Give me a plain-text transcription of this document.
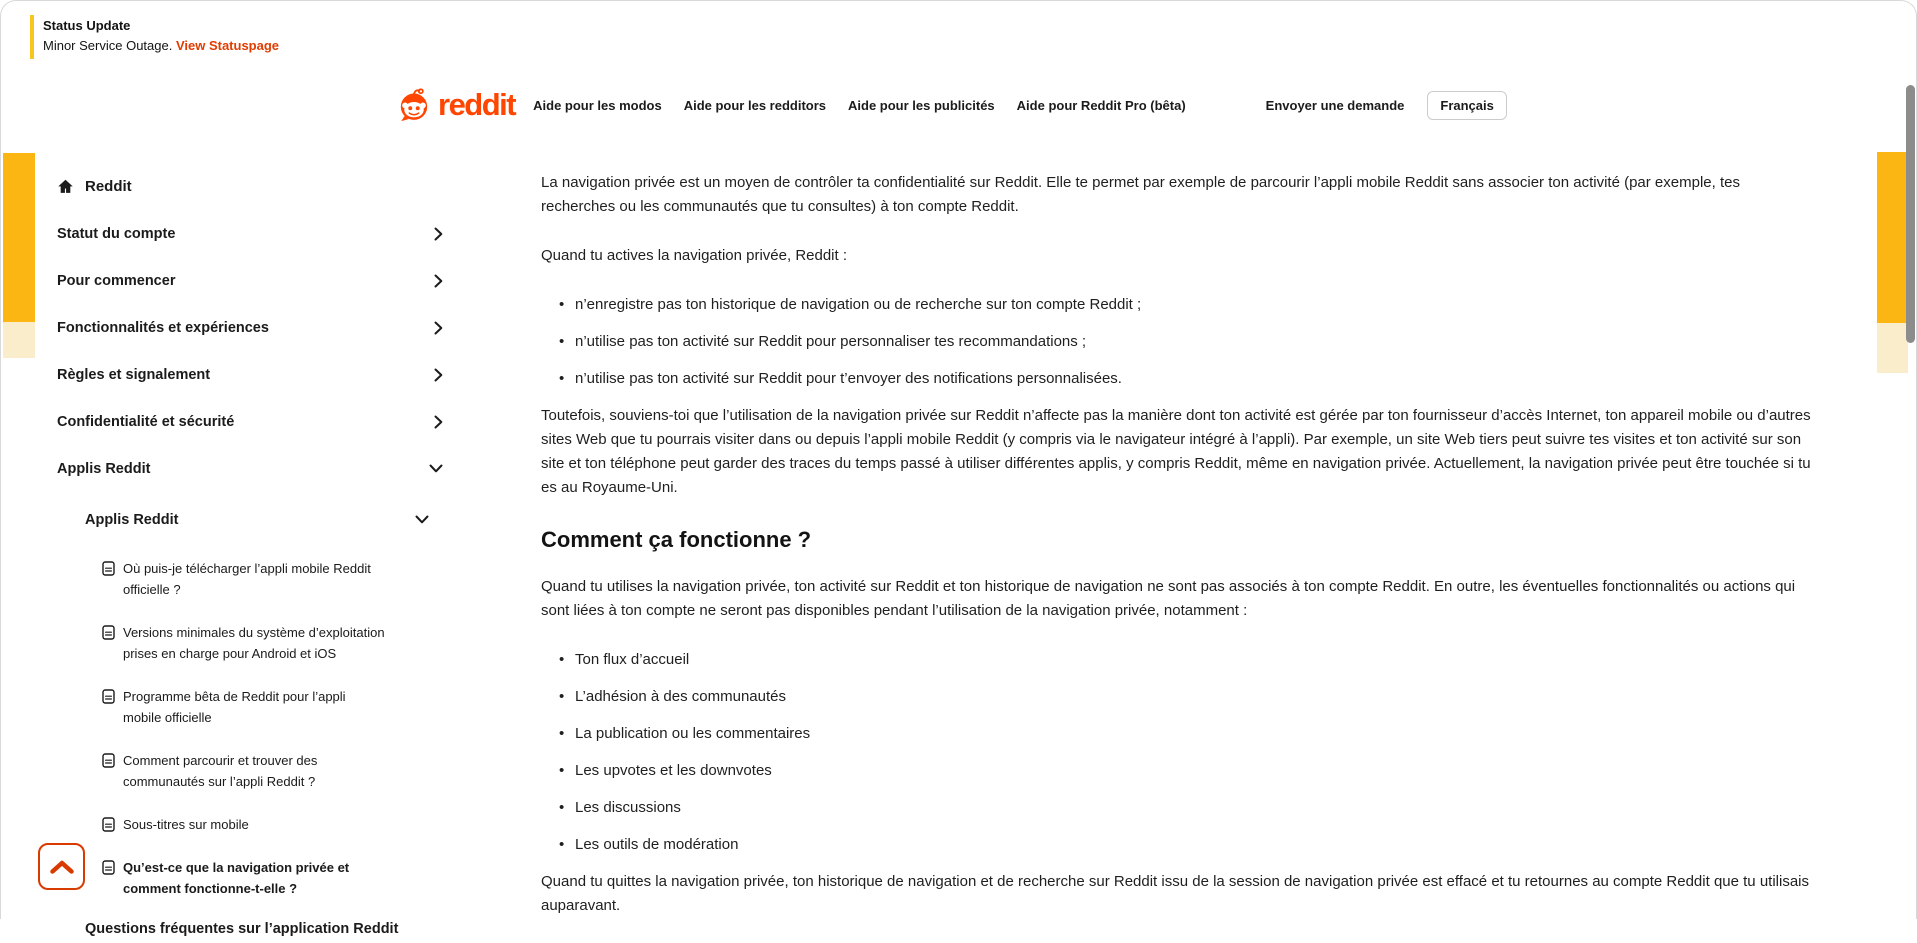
Status Update
Minor Service Outage. View Statuspage
reddit Aide pour les modos Aide pour les redditors Aide pour les publicités Aide pour Reddit Pro (bêta)	Envoyer une demande	Français
Reddit
Statut du compte
Pour commencer
Fonctionnalités et expériences
Règles et signalement
Confidentialité et sécurité
Applis Reddit
Applis Reddit
Où puis-je télécharger l’appli mobile Reddit officielle ?
Versions minimales du système d’exploitation prises en charge pour Android et iOS
Programme bêta de Reddit pour l’appli mobile officielle
Comment parcourir et trouver des communautés sur l’appli Reddit ?
Sous-titres sur mobile
Qu’est-ce que la navigation privée et comment fonctionne-t-elle ?
Questions fréquentes sur l’application Reddit

La navigation privée est un moyen de contrôler ta confidentialité sur Reddit. Elle te permet par exemple de parcourir l’appli mobile Reddit sans associer ton activité (par exemple, tes recherches ou les communautés que tu consultes) à ton compte Reddit.

Quand tu actives la navigation privée, Reddit :

• n’enregistre pas ton historique de navigation ou de recherche sur ton compte Reddit ;
• n’utilise pas ton activité sur Reddit pour personnaliser tes recommandations ;
• n’utilise pas ton activité sur Reddit pour t’envoyer des notifications personnalisées.

Toutefois, souviens-toi que l’utilisation de la navigation privée sur Reddit n’affecte pas la manière dont ton activité est gérée par ton fournisseur d’accès Internet, ton appareil mobile ou d’autres sites Web que tu pourrais visiter dans ou depuis l’appli mobile Reddit (y compris via le navigateur intégré à l’appli). Par exemple, un site Web tiers peut suivre tes visites et ton activité sur son site et ton téléphone peut garder des traces du temps passé à utiliser différentes applis, y compris Reddit, même en navigation privée. Actuellement, la navigation privée peut être touchée si tu es au Royaume-Uni.

Comment ça fonctionne ?

Quand tu utilises la navigation privée, ton activité sur Reddit et ton historique de navigation ne sont pas associés à ton compte Reddit. En outre, les éventuelles fonctionnalités ou actions qui sont liées à ton compte ne seront pas disponibles pendant l’utilisation de la navigation privée, notamment :

• Ton flux d’accueil
• L’adhésion à des communautés
• La publication ou les commentaires
• Les upvotes et les downvotes
• Les discussions
• Les outils de modération

Quand tu quittes la navigation privée, ton historique de navigation et de recherche sur Reddit issu de la session de navigation privée est effacé et tu retournes au compte Reddit que tu utilisais auparavant.
